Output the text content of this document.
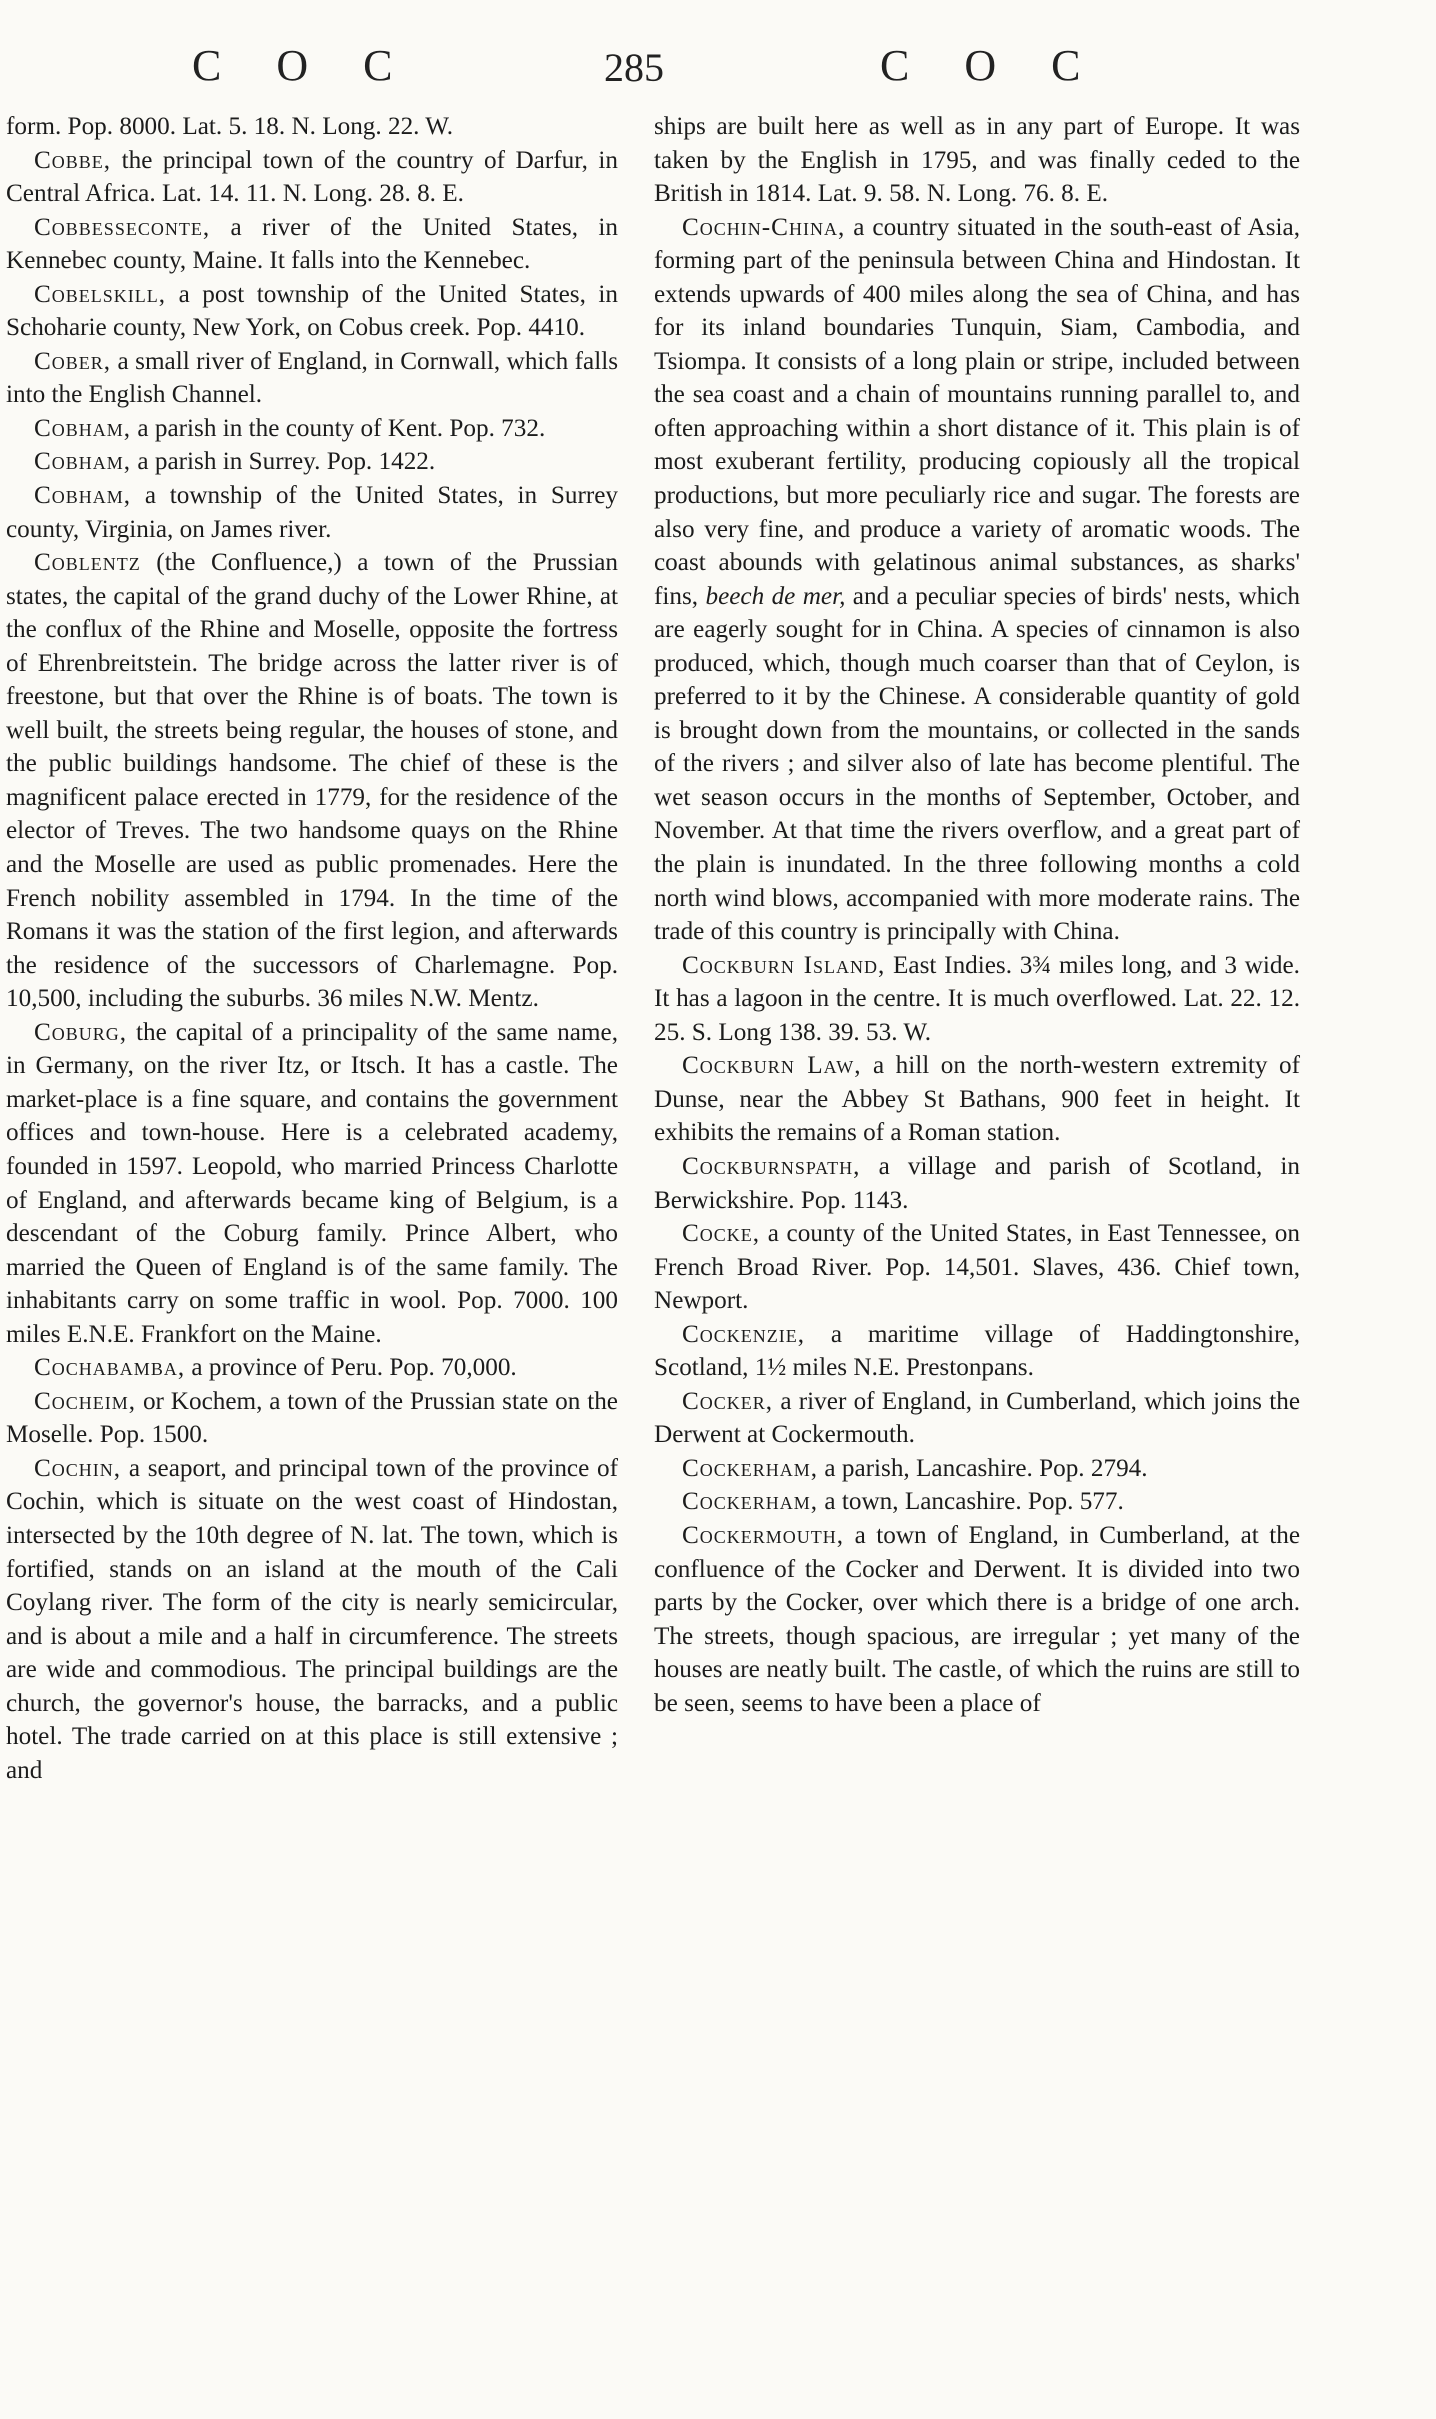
C O C	285	C O C

form. Pop. 8000. Lat. 5. 18. N. Long. 22. W.

Cobbe, the principal town of the country of Darfur, in Central Africa. Lat. 14. 11. N. Long. 28. 8. E.

Cobbesseconte, a river of the United States, in Kennebec county, Maine. It falls into the Kennebec.

Cobelskill, a post township of the United States, in Schoharie county, New York, on Cobus creek. Pop. 4410.

Cober, a small river of England, in Cornwall, which falls into the English Channel.

Cobham, a parish in the county of Kent. Pop. 732.

Cobham, a parish in Surrey. Pop. 1422.

Cobham, a township of the United States, in Surrey county, Virginia, on James river.

Coblentz (the Confluence,) a town of the Prussian states, the capital of the grand duchy of the Lower Rhine, at the conflux of the Rhine and Moselle, opposite the fortress of Ehrenbreitstein. The bridge across the latter river is of freestone, but that over the Rhine is of boats. The town is well built, the streets being regular, the houses of stone, and the public buildings handsome. The chief of these is the magnificent palace erected in 1779, for the residence of the elector of Treves. The two handsome quays on the Rhine and the Moselle are used as public promenades. Here the French nobility assembled in 1794. In the time of the Romans it was the station of the first legion, and afterwards the residence of the successors of Charlemagne. Pop. 10,500, including the suburbs. 36 miles N.W. Mentz.

Coburg, the capital of a principality of the same name, in Germany, on the river Itz, or Itsch. It has a castle. The market-place is a fine square, and contains the government offices and town-house. Here is a celebrated academy, founded in 1597. Leopold, who married Princess Charlotte of England, and afterwards became king of Belgium, is a descendant of the Coburg family. Prince Albert, who married the Queen of England is of the same family. The inhabitants carry on some traffic in wool. Pop. 7000. 100 miles E.N.E. Frankfort on the Maine.

Cochabamba, a province of Peru. Pop. 70,000.

Cocheim, or Kochem, a town of the Prussian state on the Moselle. Pop. 1500.

Cochin, a seaport, and principal town of the province of Cochin, which is situate on the west coast of Hindostan, intersected by the 10th degree of N. lat. The town, which is fortified, stands on an island at the mouth of the Cali Coylang river. The form of the city is nearly semicircular, and is about a mile and a half in circumference. The streets are wide and commodious. The principal buildings are the church, the governor's house, the barracks, and a public hotel. The trade carried on at this place is still extensive ; and

ships are built here as well as in any part of Europe. It was taken by the English in 1795, and was finally ceded to the British in 1814. Lat. 9. 58. N. Long. 76. 8. E.

Cochin-China, a country situated in the south-east of Asia, forming part of the peninsula between China and Hindostan. It extends upwards of 400 miles along the sea of China, and has for its inland boundaries Tunquin, Siam, Cambodia, and Tsiompa. It consists of a long plain or stripe, included between the sea coast and a chain of mountains running parallel to, and often approaching within a short distance of it. This plain is of most exuberant fertility, producing copiously all the tropical productions, but more peculiarly rice and sugar. The forests are also very fine, and produce a variety of aromatic woods. The coast abounds with gelatinous animal substances, as sharks' fins, beech de mer, and a peculiar species of birds' nests, which are eagerly sought for in China. A species of cinnamon is also produced, which, though much coarser than that of Ceylon, is preferred to it by the Chinese. A considerable quantity of gold is brought down from the mountains, or collected in the sands of the rivers ; and silver also of late has become plentiful. The wet season occurs in the months of September, October, and November. At that time the rivers overflow, and a great part of the plain is inundated. In the three following months a cold north wind blows, accompanied with more moderate rains. The trade of this country is principally with China.

Cockburn Island, East Indies. 3¾ miles long, and 3 wide. It has a lagoon in the centre. It is much overflowed. Lat. 22. 12. 25. S. Long 138. 39. 53. W.

Cockburn Law, a hill on the north-western extremity of Dunse, near the Abbey St Bathans, 900 feet in height. It exhibits the remains of a Roman station.

Cockburnspath, a village and parish of Scotland, in Berwickshire. Pop. 1143.

Cocke, a county of the United States, in East Tennessee, on French Broad River. Pop. 14,501. Slaves, 436. Chief town, Newport.

Cockenzie, a maritime village of Haddingtonshire, Scotland, 1½ miles N.E. Prestonpans.

Cocker, a river of England, in Cumberland, which joins the Derwent at Cockermouth.

Cockerham, a parish, Lancashire. Pop. 2794.

Cockerham, a town, Lancashire. Pop. 577.

Cockermouth, a town of England, in Cumberland, at the confluence of the Cocker and Derwent. It is divided into two parts by the Cocker, over which there is a bridge of one arch. The streets, though spacious, are irregular ; yet many of the houses are neatly built. The castle, of which the ruins are still to be seen, seems to have been a place of
